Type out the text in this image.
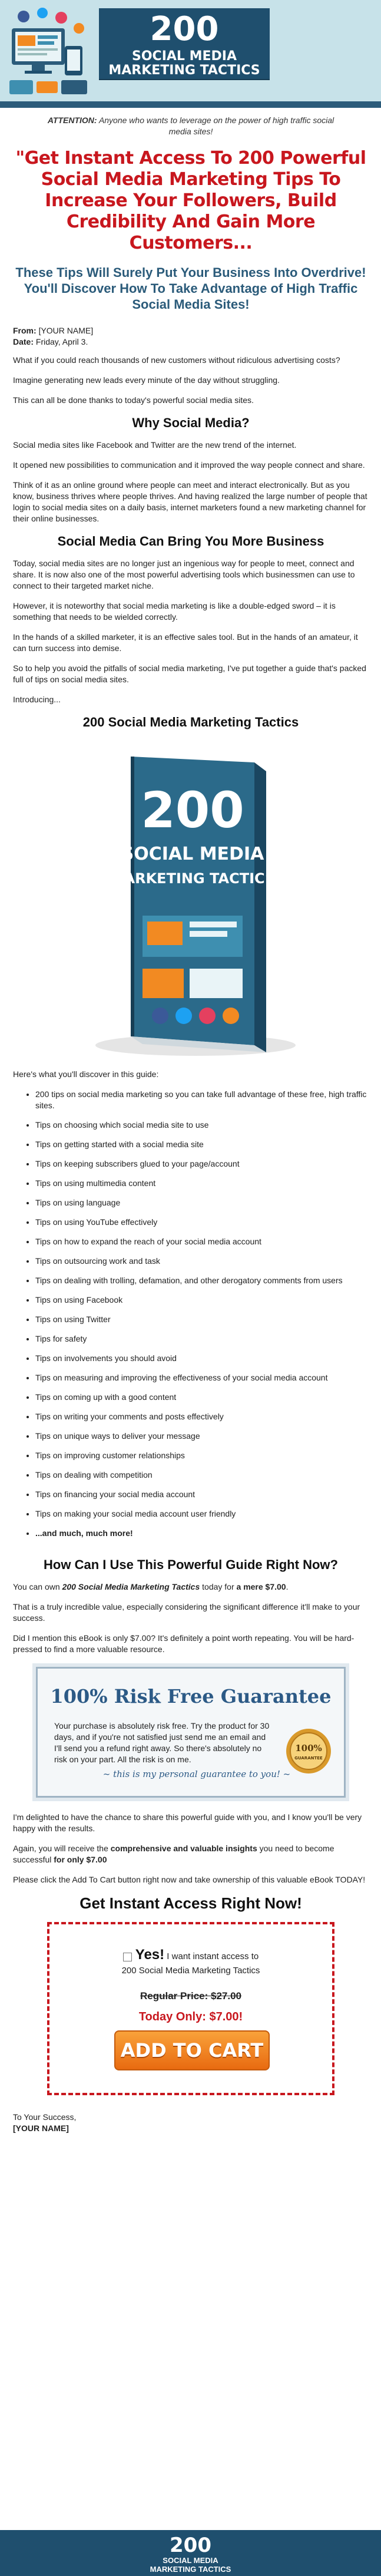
200
SOCIAL MEDIA
MARKETING TACTICS

ATTENTION: Anyone who wants to leverage on the power of high traffic social media sites!

"Get Instant Access To 200 Powerful Social Media Marketing Tips To Increase Your Followers, Build Credibility And Gain More Customers...
These Tips Will Surely Put Your Business Into Overdrive! You'll Discover How To Take Advantage of High Traffic Social Media Sites!

From: [YOUR NAME]
Date: Friday, April 3.

What if you could reach thousands of new customers without ridiculous advertising costs?

Imagine generating new leads every minute of the day without struggling.

This can all be done thanks to today's powerful social media sites.

Why Social Media?

Social media sites like Facebook and Twitter are the new trend of the internet.

It opened new possibilities to communication and it improved the way people connect and share.

Think of it as an online ground where people can meet and interact electronically. But as you know, business thrives where people thrives. And having realized the large number of people that login to social media sites on a daily basis, internet marketers found a new marketing channel for their online businesses.

Social Media Can Bring You More Business

Today, social media sites are no longer just an ingenious way for people to meet, connect and share. It is now also one of the most powerful advertising tools which businessmen can use to connect to their targeted market niche.

However, it is noteworthy that social media marketing is like a double-edged sword – it is something that needs to be wielded correctly.

In the hands of a skilled marketer, it is an effective sales tool. But in the hands of an amateur, it can turn success into demise.

So to help you avoid the pitfalls of social media marketing, I've put together a guide that's packed full of tips on social media sites.

Introducing...

200 Social Media Marketing Tactics
200
SOCIAL MEDIA
MARKETING TACTICS

Here's what you'll discover in this guide:

• 200 tips on social media marketing so you can take full advantage of these free, high traffic sites.
• Tips on choosing which social media site to use
• Tips on getting started with a social media site
• Tips on keeping subscribers glued to your page/account
• Tips on using multimedia content
• Tips on using language
• Tips on using YouTube effectively
• Tips on how to expand the reach of your social media account
• Tips on outsourcing work and task
• Tips on dealing with trolling, defamation, and other derogatory comments from users
• Tips on using Facebook
• Tips on using Twitter
• Tips for safety
• Tips on involvements you should avoid
• Tips on measuring and improving the effectiveness of your social media account
• Tips on coming up with a good content
• Tips on writing your comments and posts effectively
• Tips on unique ways to deliver your message
• Tips on improving customer relationships
• Tips on dealing with competition
• Tips on financing your social media account
• Tips on making your social media account user friendly
• ...and much, much more!
How Can I Use This Powerful Guide Right Now?

You can own 200 Social Media Marketing Tactics today for a mere $7.00.

That is a truly incredible value, especially considering the significant difference it'll make to your success.

Did I mention this eBook is only $7.00? It's definitely a point worth repeating. You will be hard-pressed to find a more valuable resource.

100% Risk Free Guarantee
Your purchase is absolutely risk free. Try the product for 30 days, and if you're not satisfied just send me an email and I'll send you a refund right away. So there's absolutely no risk on your part. All the risk is on me.
~ this is my personal guarantee to you! ~
100%
GUARANTEE

I'm delighted to have the chance to share this powerful guide with you, and I know you'll be very happy with the results.

Again, you will receive the comprehensive and valuable insights you need to become successful for only $7.00

Please click the Add To Cart button right now and take ownership of this valuable eBook TODAY!

Get Instant Access Right Now!
Yes! I want instant access to
200 Social Media Marketing Tactics
Regular Price: $27.00
Today Only: $7.00!
ADD TO CART

To Your Success,
[YOUR NAME]

200
SOCIAL MEDIA
MARKETING TACTICS
